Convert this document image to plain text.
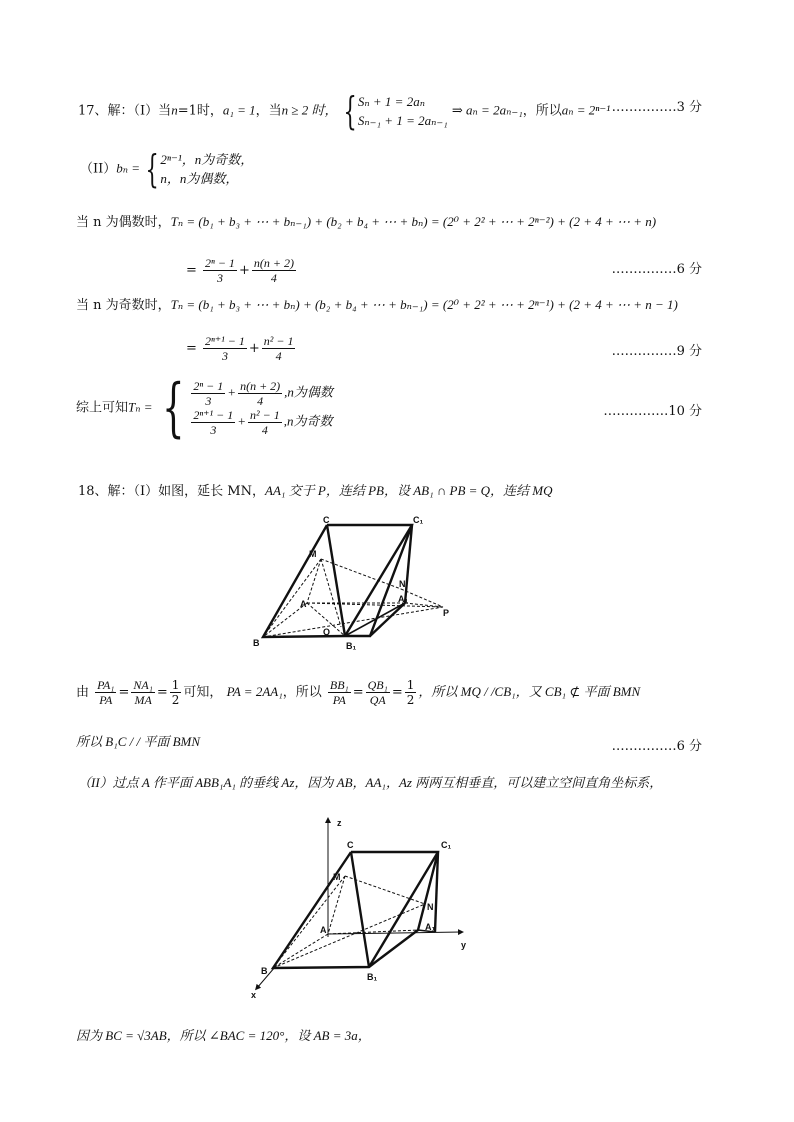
17、解：（I）当n=1时，a₁ = 1，当n ≥ 2 时， {Sₙ + 1 = 2aₙ
Sₙ₋₁ + 1 = 2aₙ₋₁ ⇒ aₙ = 2aₙ₋₁，所以aₙ = 2ⁿ⁻¹ ……………3 分
（II）bₙ = {2ⁿ⁻¹，n为奇数，
n，n为偶数，
当 n 为偶数时，Tₙ = (b₁ + b₃ + ⋯ + bₙ₋₁) + (b₂ + b₄ + ⋯ + bₙ) = (2⁰ + 2² + ⋯ + 2ⁿ⁻²) + (2 + 4 + ⋯ + n)
= $\frac{\text{2ⁿ − 1}}{3} + \frac{n(n + 2)}{4}$	……………6 分
当 n 为奇数时，Tₙ = (b₁ + b₃ + ⋯ + bₙ) + (b₂ + b₄ + ⋯ + bₙ₋₁) = (2⁰ + 2² + ⋯ + 2ⁿ⁻¹) + (2 + 4 + ⋯ + n − 1)
= $\frac{\text{2ⁿ⁺¹ − 1}}{3} + \frac{\text{n² − 1}}{4}$	……………9 分
综上可知Tₙ = { $\frac{\text{2ⁿ − 1}}{3} + \frac{n(n + 2)}{4} ,n$为偶数

$\frac{\text{2ⁿ⁺¹ − 1}}{3} + \frac{\text{n² − 1}}{4} ,n$为奇数
……………10 分
18、解：（I）如图，延长 MN，AA₁ 交于 P，连结 PB，设 AB₁ ∩ PB = Q，连结 MQ
C	C₁
M
N
A	A₁
P
Q
B	B₁
由 $\frac{\text{PA₁}}{PA} = \frac{\text{NA₁}}{MA} = \frac{1}{2}$ 可知， PA = 2AA₁，所以 $\frac{\text{BB₁}}{PA} = \frac{\text{QB₁}}{QA} = \frac{1}{2}$ ，所以 MQ / /CB₁，又 CB₁ ⊄ 平面 BMN
所以 B₁C / / 平面 BMN	……………6 分
（II）过点 A 作平面 ABB₁A₁ 的垂线 Az，因为 AB，AA₁，Az 两两互相垂直，可以建立空间直角坐标系，
z
C	C₁
M
N
A	A₁
y
B
B₁
x
因为 BC = √3AB，所以 ∠BAC = 120°，设 AB = 3a，
